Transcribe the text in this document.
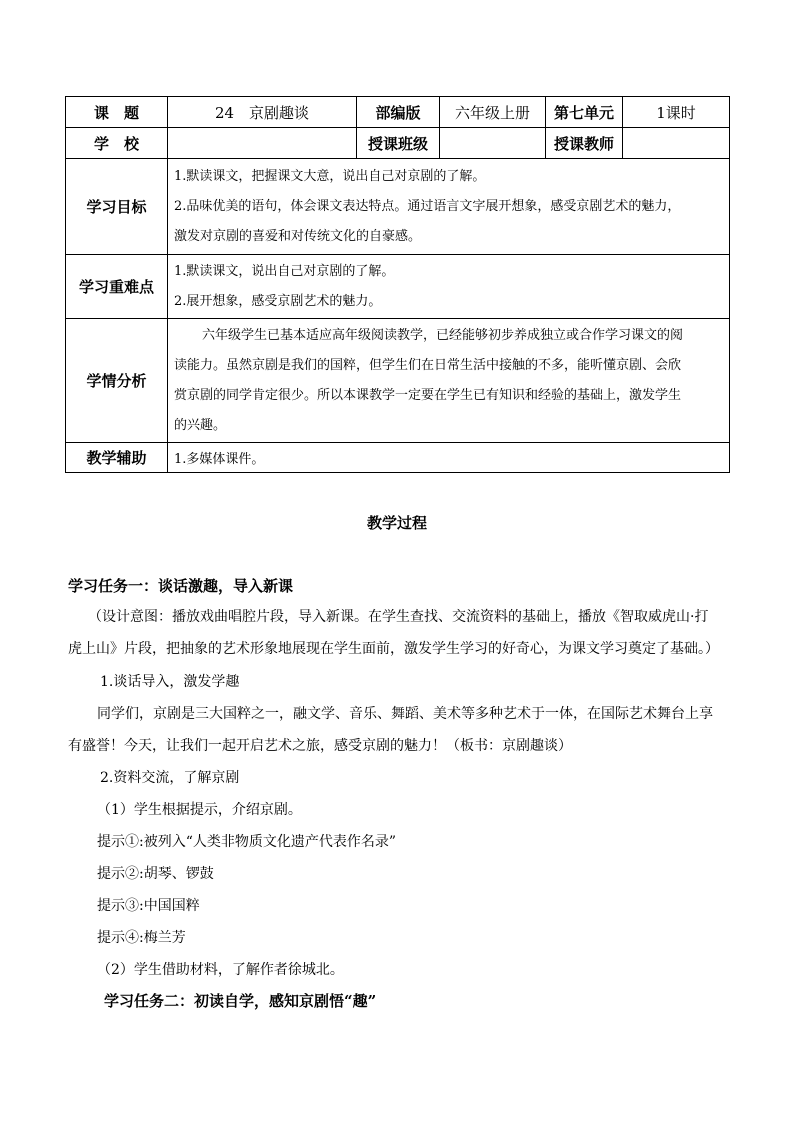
课　题	24　京剧趣谈	部编版	六年级上册	第七单元	1课时
学　校		授课班级		授课教师	
学习目标	1.默读课文，把握课文大意，说出自己对京剧的了解。
2.品味优美的语句，体会课文表达特点。通过语言文字展开想象，感受京剧艺术的魅力，
激发对京剧的喜爱和对传统文化的自豪感。				

学习重难点	1.默读课文，说出自己对京剧的了解。
2.展开想象，感受京剧艺术的魅力。				

学情分析	六年级学生已基本适应高年级阅读教学，已经能够初步养成独立或合作学习课文的阅
读能力。虽然京剧是我们的国粹，但学生们在日常生活中接触的不多，能听懂京剧、会欣
赏京剧的同学肯定很少。所以本课教学一定要在学生已有知识和经验的基础上，激发学生
的兴趣。				

教学辅助	1.多媒体课件。				
教学过程
学习任务一：谈话激趣，导入新课
（设计意图：播放戏曲唱腔片段，导入新课。在学生查找、交流资料的基础上，播放《智取威虎山·打
虎上山》片段，把抽象的艺术形象地展现在学生面前，激发学生学习的好奇心，为课文学习奠定了基础。）
1.谈话导入，激发学趣
同学们，京剧是三大国粹之一，融文学、音乐、舞蹈、美术等多种艺术于一体，在国际艺术舞台上享
有盛誉！今天，让我们一起开启艺术之旅，感受京剧的魅力！（板书：京剧趣谈）
2.资料交流，了解京剧
（1）学生根据提示，介绍京剧。
提示①:被列入“人类非物质文化遗产代表作名录”
提示②:胡琴、锣鼓
提示③:中国国粹
提示④:梅兰芳
（2）学生借助材料，了解作者徐城北。
学习任务二：初读自学，感知京剧悟“趣”
